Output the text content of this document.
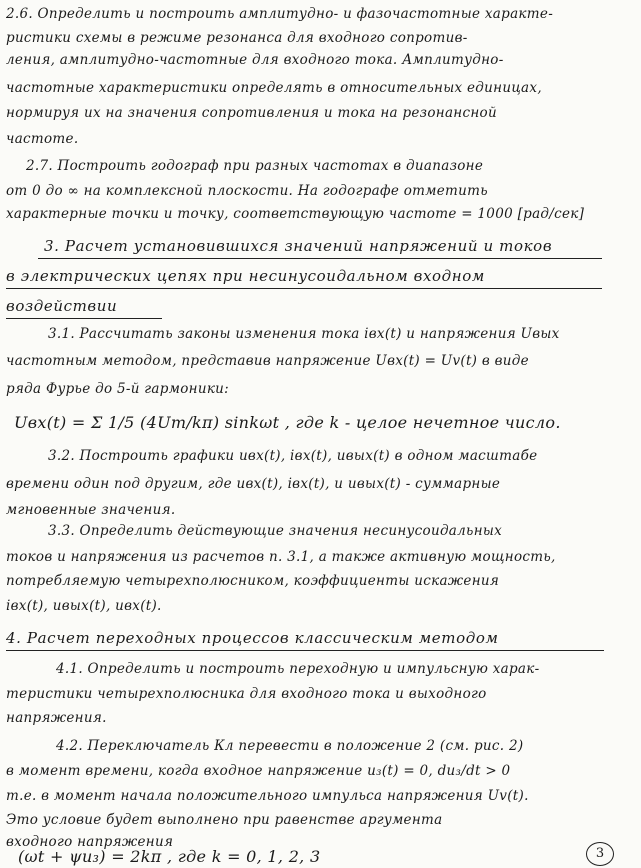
2.6. Определить и построить амплитудно- и фазочастотные характе-
ристики схемы в режиме резонанса для входного сопротив-
ления, амплитудно-частотные для входного тока. Амплитудно-
частотные характеристики определять в относительных единицах,
нормируя их на значения сопротивления и тока на резонансной
частоте.
2.7. Построить годограф при разных частотах в диапазоне
от 0 до ∞ на комплексной плоскости. На годографе отметить
характерные точки и точку, соответствующую частоте = 1000 [рад/сек]
3. Расчет установившихся значений напряжений и токов
в электрических цепях при несинусоидальном входном
воздействии
3.1. Рассчитать законы изменения тока iвх(t) и напряжения Uвых
частотным методом, представив напряжение Uвх(t) = Uv(t) в виде
ряда Фурье до 5-й гармоники:
Uвх(t) = Σ 1/5 (4Um/kπ) sinkωt , где k - целое нечетное число.
3.2. Построить графики uвх(t), iвх(t), uвых(t) в одном масштабе
времени один под другим, где uвх(t), iвх(t), и uвых(t) - суммарные
мгновенные значения.
3.3. Определить действующие значения несинусоидальных
токов и напряжения из расчетов п. 3.1, а также активную мощность,
потребляемую четырехполюсником, коэффициенты искажения
iвх(t), uвых(t), uвх(t).
4. Расчет переходных процессов классическим методом
4.1. Определить и построить переходную и импульсную харак-
теристики четырехполюсника для входного тока и выходного
напряжения.
4.2. Переключатель Кл перевести в положение 2 (см. рис. 2)
в момент времени, когда входное напряжение u₃(t) = 0, du₃/dt > 0
т.е. в момент начала положительного импульса напряжения Uv(t).
Это условие будет выполнено при равенстве аргумента
входного напряжения
(ωt + ψu₃) = 2kπ , где k = 0, 1, 2, 3	3
